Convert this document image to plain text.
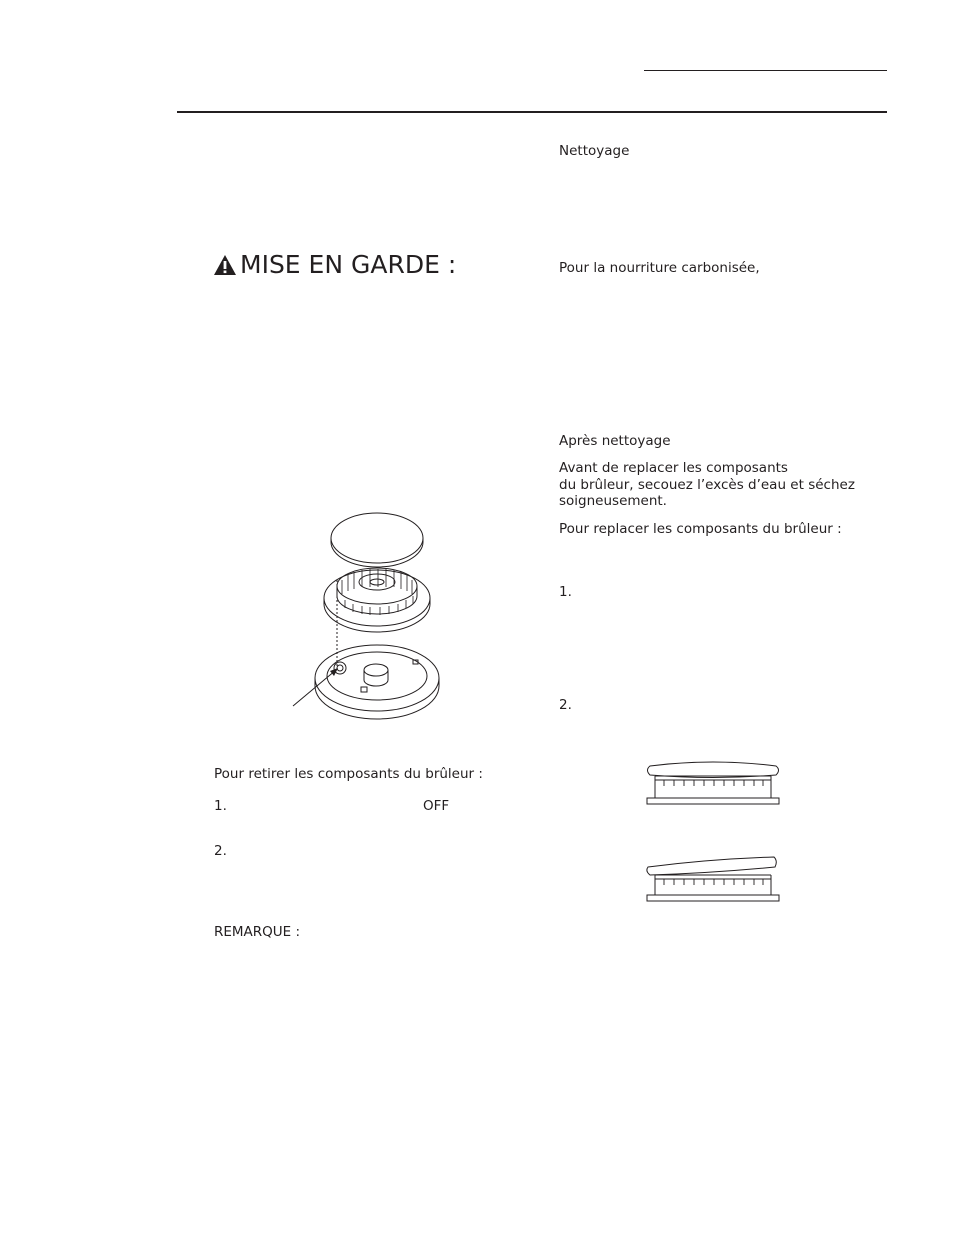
MISE EN GARDE :
Nettoyage
Pour la nourriture carbonisée,
Après nettoyage
Avant de replacer les composants
du brûleur, secouez l’excès d’eau et séchez
soigneusement.
Pour replacer les composants du brûleur :
1.
2.
Pour retirer les composants du brûleur :
1.	OFF
2.
REMARQUE :
